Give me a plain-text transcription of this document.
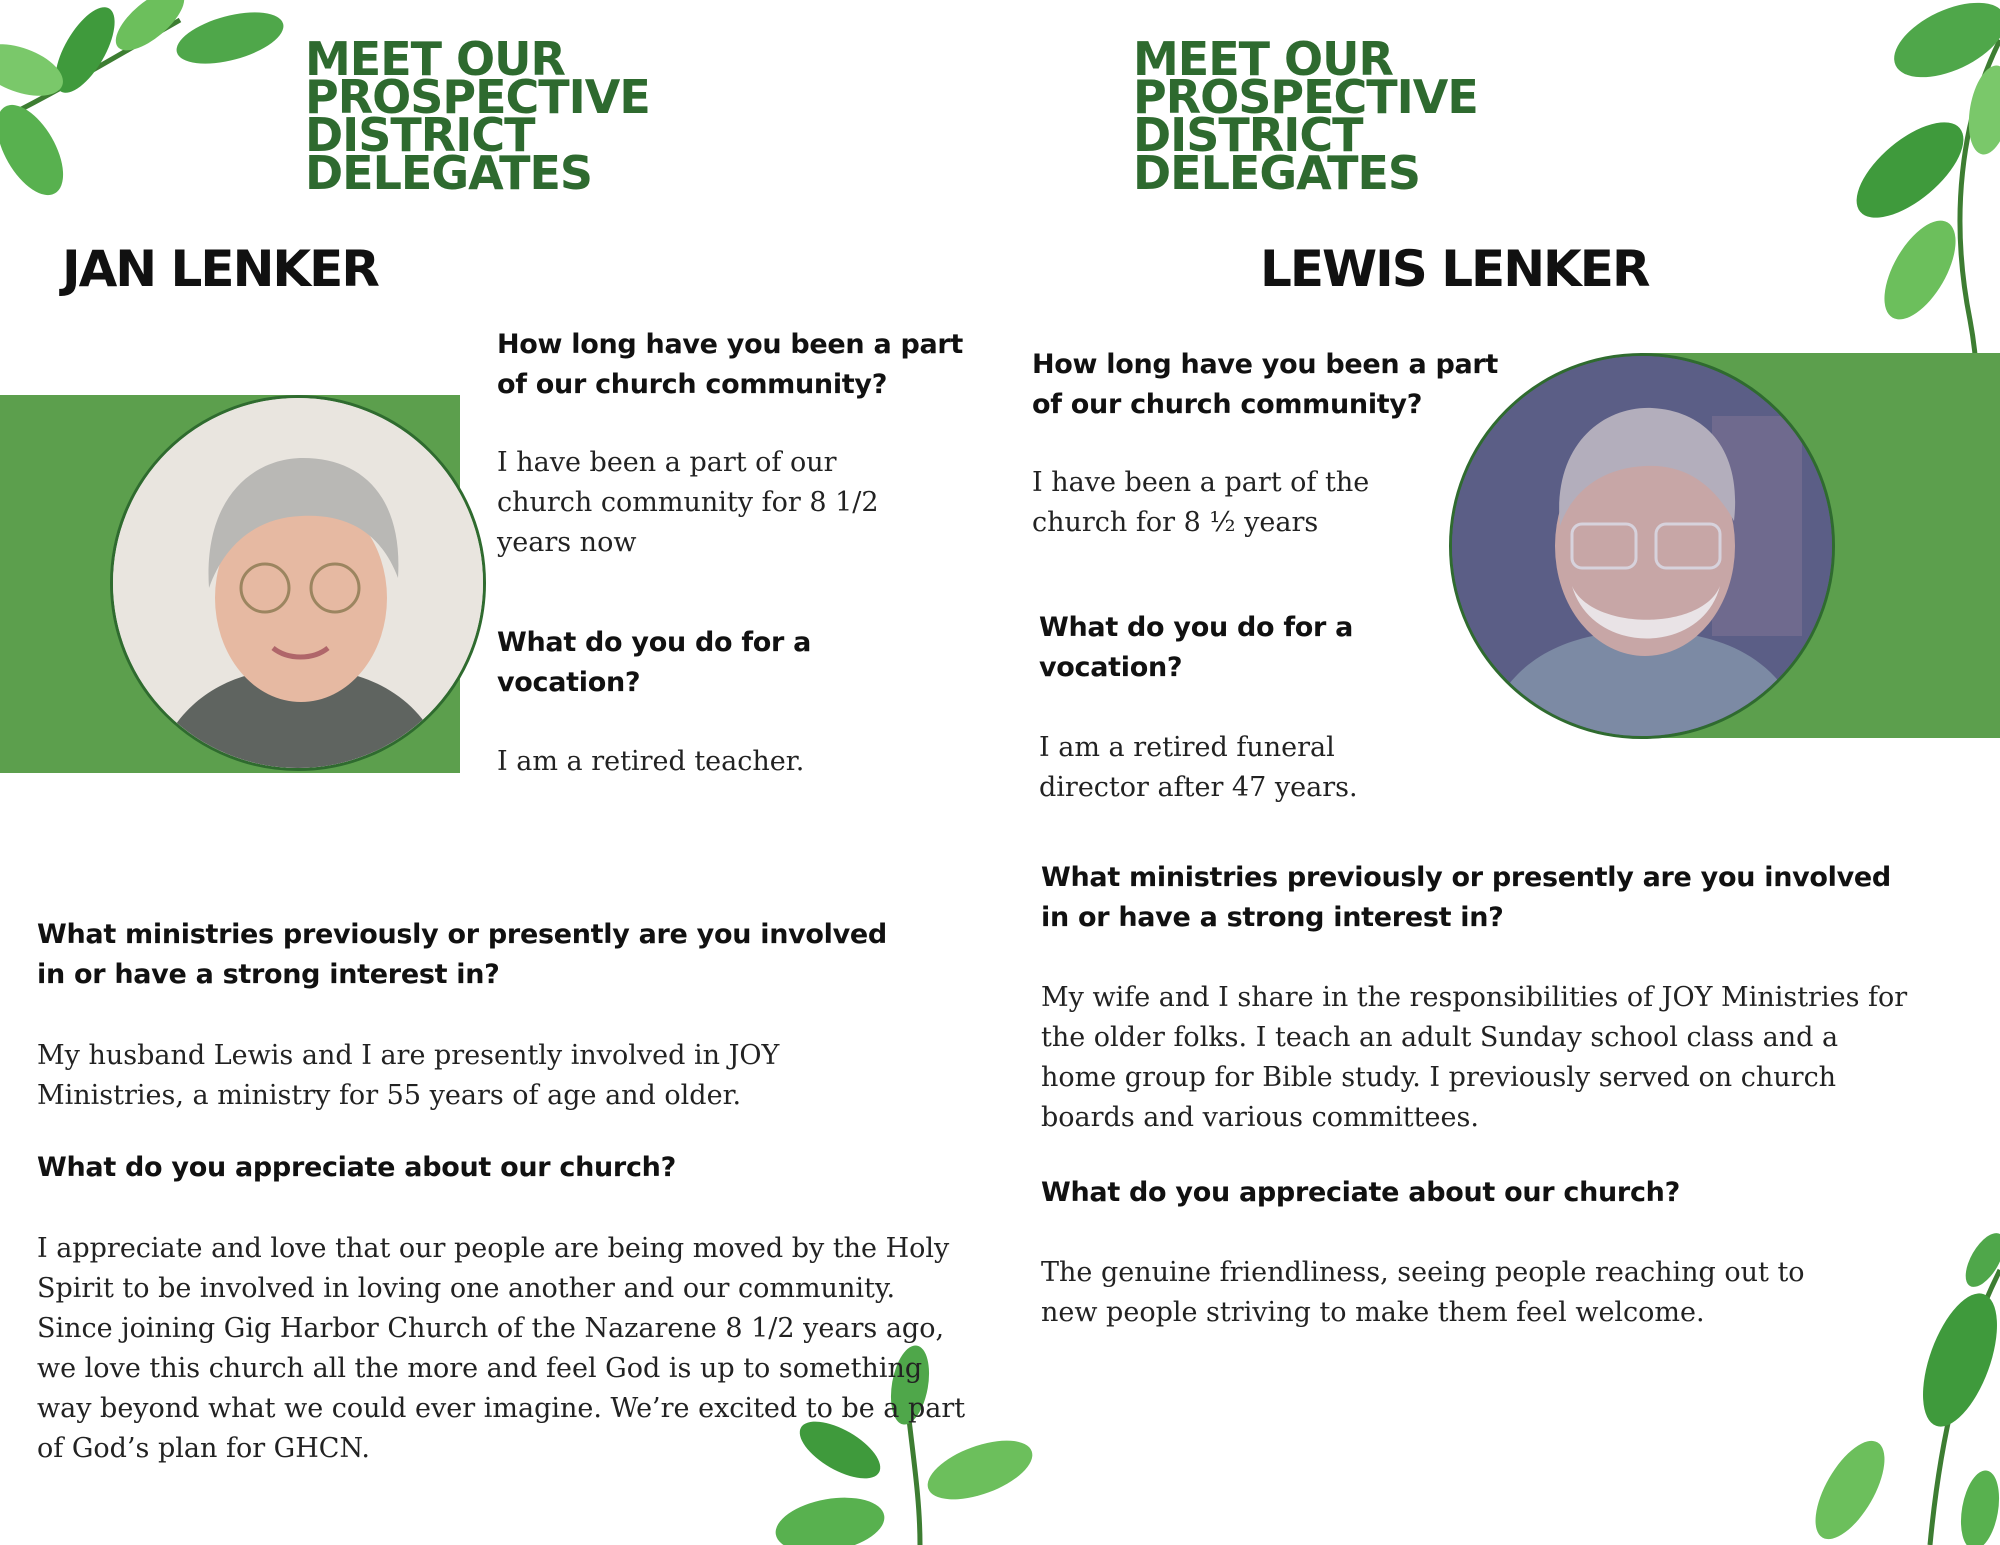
MEET OUR
PROSPECTIVE
DISTRICT
DELEGATES
JAN LENKER
How long have you been a part of our church community?
I have been a part of our church community for 8 1/2 years now
What do you do for a vocation?
I am a retired teacher.
What ministries previously or presently are you involved in or have a strong interest in?
My husband Lewis and I are presently involved in JOY Ministries, a ministry for 55 years of age and older.
What do you appreciate about our church?
I appreciate and love that our people are being moved by the Holy Spirit to be involved in loving one another and our community. Since joining Gig Harbor Church of the Nazarene 8 1/2 years ago, we love this church all the more and feel God is up to something way beyond what we could ever imagine. We’re excited to be a part of God’s plan for GHCN.
MEET OUR
PROSPECTIVE
DISTRICT
DELEGATES
LEWIS LENKER
How long have you been a part of our church community?
I have been a part of the church for 8 ½ years
What do you do for a vocation?
I am a retired funeral director after 47 years.
What ministries previously or presently are you involved in or have a strong interest in?
My wife and I share in the responsibilities of JOY Ministries for the older folks. I teach an adult Sunday school class and a home group for Bible study. I previously served on church boards and various committees.
What do you appreciate about our church?
The genuine friendliness, seeing people reaching out to new people striving to make them feel welcome.
